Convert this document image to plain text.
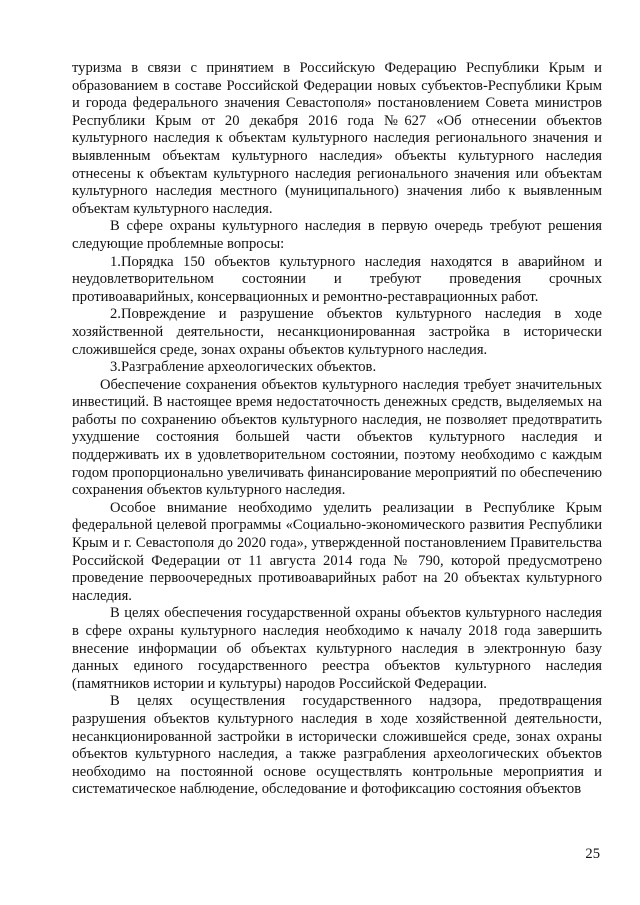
туризма в связи с принятием в Российскую Федерацию Республики Крым и образованием в составе Российской Федерации новых субъектов-Республики Крым и города федерального значения Севастополя» постановлением Совета министров Республики Крым от 20 декабря 2016 года №627 «Об отнесении объектов культурного наследия к объектам культурного наследия регионального значения и выявленным объектам культурного наследия» объекты культурного наследия отнесены к объектам культурного наследия регионального значения или объектам культурного наследия местного (муниципального) значения либо к выявленным объектам культурного наследия.

В сфере охраны культурного наследия в первую очередь требуют решения следующие проблемные вопросы:

1.Порядка 150 объектов культурного наследия находятся в аварийном и неудовлетворительном состоянии и требуют проведения срочных противоаварийных, консервационных и ремонтно-реставрационных работ.

2.Повреждение и разрушение объектов культурного наследия в ходе хозяйственной деятельности, несанкционированная застройка в исторически сложившейся среде, зонах охраны объектов культурного наследия.

3.Разграбление археологических объектов.

Обеспечение сохранения объектов культурного наследия требует значительных инвестиций. В настоящее время недостаточность денежных средств, выделяемых на работы по сохранению объектов культурного наследия, не позволяет предотвратить ухудшение состояния большей части объектов культурного наследия и поддерживать их в удовлетворительном состоянии, поэтому необходимо с каждым годом пропорционально увеличивать финансирование мероприятий по обеспечению сохранения объектов культурного наследия.

Особое внимание необходимо уделить реализации в Республике Крым федеральной целевой программы «Социально-экономического развития Республики Крым и г. Севастополя до 2020 года», утвержденной постановлением Правительства Российской Федерации от 11 августа 2014 года № 790, которой предусмотрено проведение первоочередных противоаварийных работ на 20 объектах культурного наследия.

В целях обеспечения государственной охраны объектов культурного наследия в сфере охраны культурного наследия необходимо к началу 2018 года завершить внесение информации об объектах культурного наследия в электронную базу данных единого государственного реестра объектов культурного наследия (памятников истории и культуры) народов Российской Федерации.

В целях осуществления государственного надзора, предотвращения разрушения объектов культурного наследия в ходе хозяйственной деятельности, несанкционированной застройки в исторически сложившейся среде, зонах охраны объектов культурного наследия, а также разграбления археологических объектов необходимо на постоянной основе осуществлять контрольные мероприятия и систематическое наблюдение, обследование и фотофиксацию состояния объектов

25
